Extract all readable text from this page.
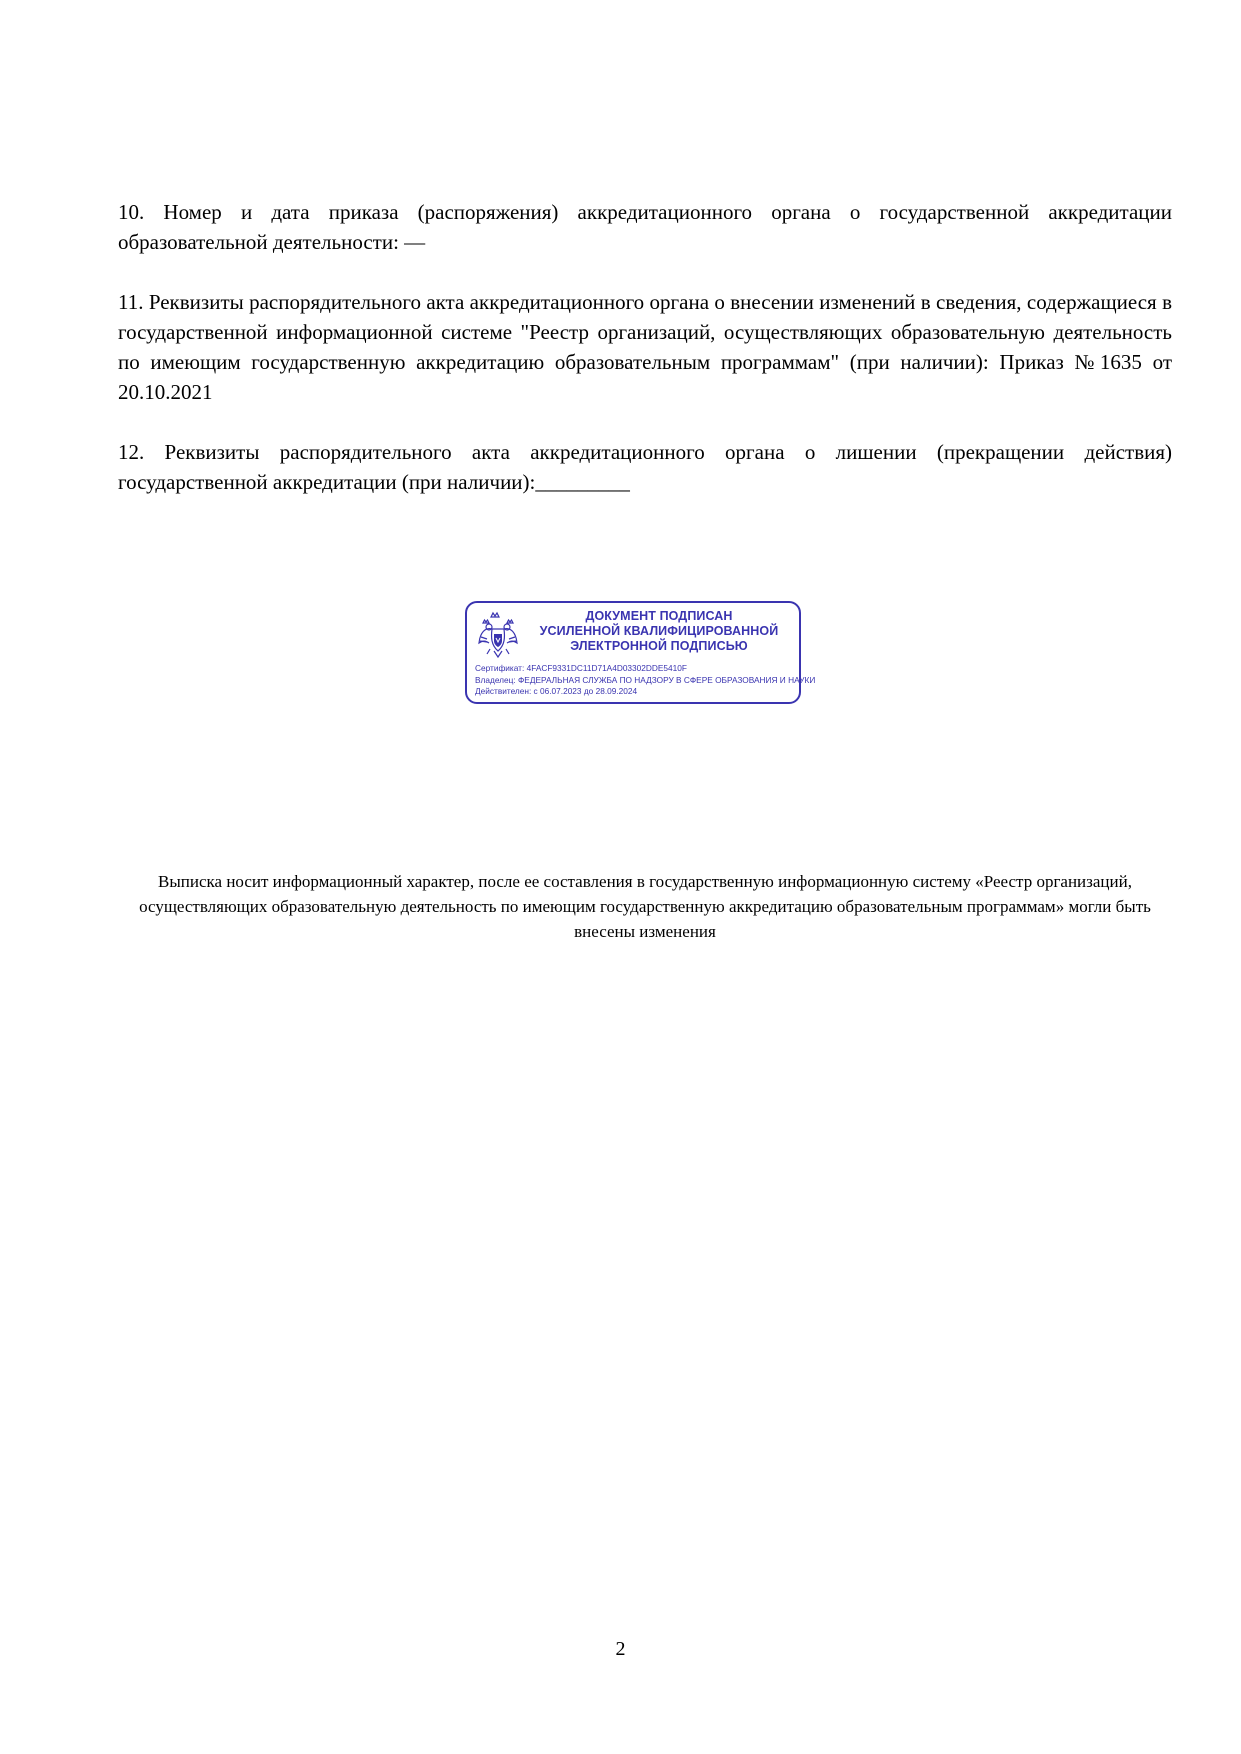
10. Номер и дата приказа (распоряжения) аккредитационного органа о государственной аккредитации образовательной деятельности: —

11. Реквизиты распорядительного акта аккредитационного органа о внесении изменений в сведения, содержащиеся в государственной информационной системе "Реестр организаций, осуществляющих образовательную деятельность по имеющим государственную аккредитацию образовательным программам" (при наличии): Приказ №1635 от 20.10.2021

12. Реквизиты распорядительного акта аккредитационного органа о лишении (прекращении действия) государственной аккредитации (при наличии):_________

ДОКУМЕНТ ПОДПИСАН
УСИЛЕННОЙ КВАЛИФИЦИРОВАННОЙ
ЭЛЕКТРОННОЙ ПОДПИСЬЮ
Сертификат: 4FACF9331DC11D71A4D03302DDE5410F
Владелец: ФЕДЕРАЛЬНАЯ СЛУЖБА ПО НАДЗОРУ В СФЕРЕ ОБРАЗОВАНИЯ И НАУКИ
Действителен: с 06.07.2023 до 28.09.2024

Выписка носит информационный характер, после ее составления в государственную информационную систему «Реестр организаций, осуществляющих образовательную деятельность по имеющим государственную аккредитацию образовательным программам» могли быть внесены изменения

2
